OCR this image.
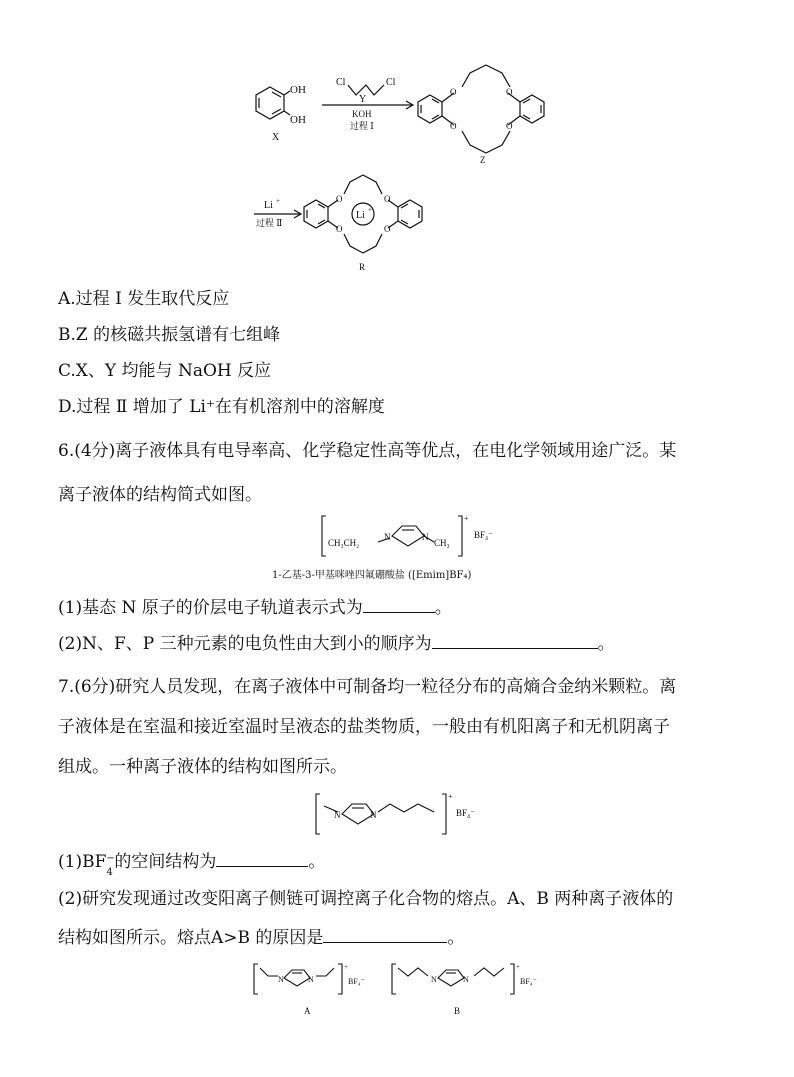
OH
OH
X
Cl	Cl
Y
KOH
过程 Ⅰ
O	O
O	O
Z
Li +
过程 Ⅱ
O	O
O	O
Li +
R
A.过程 Ⅰ 发生取代反应
B.Z 的核磁共振氢谱有七组峰
C.X、Y 均能与 NaOH 反应
D.过程 Ⅱ 增加了 Li⁺在有机溶剂中的溶解度
6.(4分)离子液体具有电导率高、化学稳定性高等优点，在电化学领域用途广泛。某
离子液体的结构简式如图。
CH₃CH₂
N	N
CH₃
+
BF₄⁻
1-乙基-3-甲基咪唑四氟硼酸盐 ([Emim]BF₄)
(1)基态 N 原子的价层电子轨道表示式为	。
(2)N、F、P 三种元素的电负性由大到小的顺序为	。
7.(6分)研究人员发现，在离子液体中可制备均一粒径分布的高熵合金纳米颗粒。离
子液体是在室温和接近室温时呈液态的盐类物质，一般由有机阳离子和无机阴离子
组成。一种离子液体的结构如图所示。
N	N
+
BF₄⁻
(1)BF −
4
的空间结构为	。
(2)研究发现通过改变阳离子侧链可调控离子化合物的熔点。A、B 两种离子液体的
结构如图所示。熔点A>B 的原因是	。
N	N
+
BF₄⁻
A
N	N
+
BF₄⁻
B
